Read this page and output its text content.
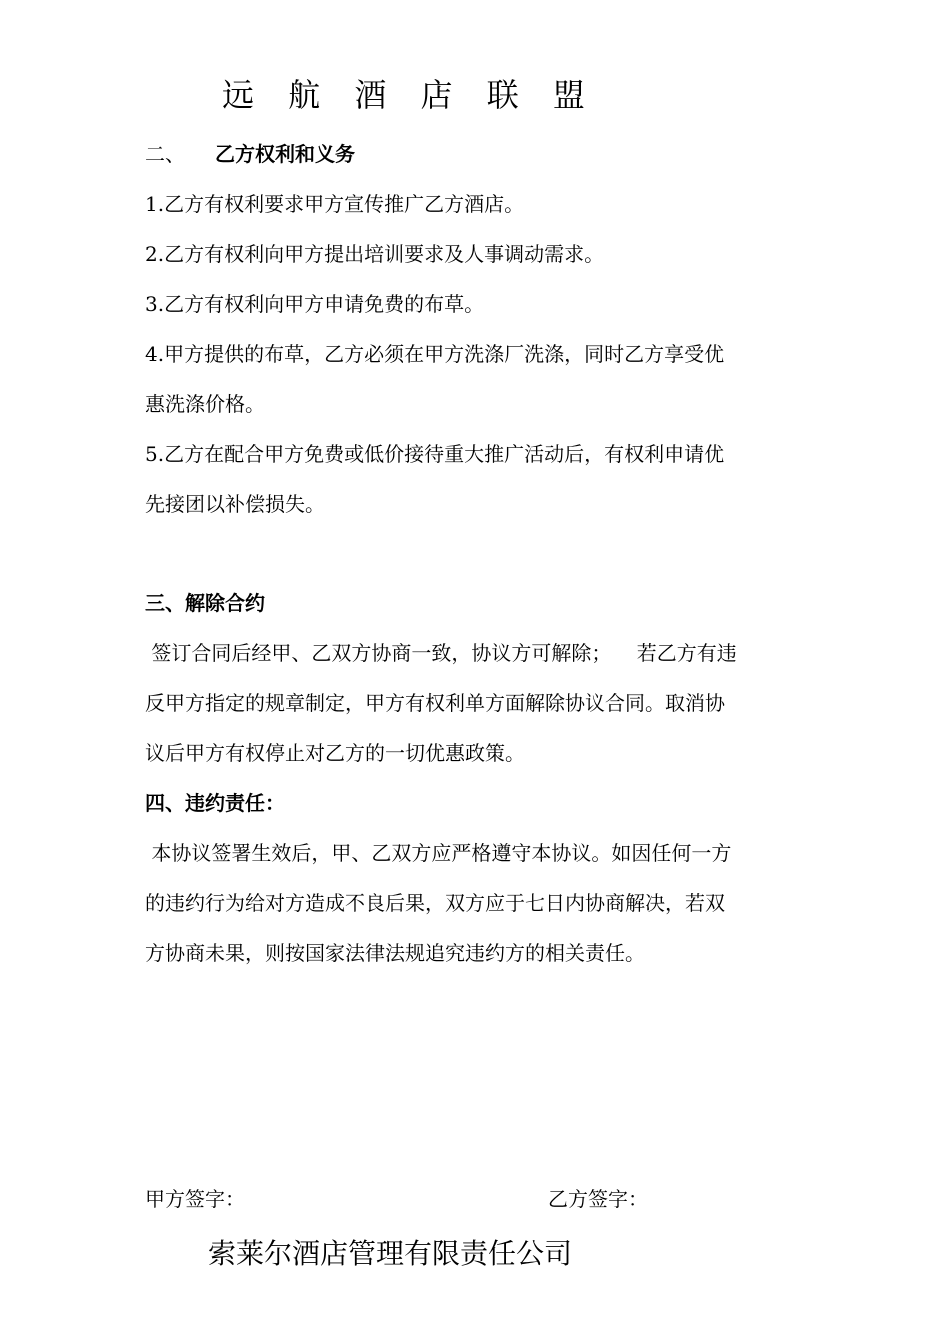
远 航 酒 店 联 盟
二、 乙方权利和义务
1.乙方有权利要求甲方宣传推广乙方酒店。
2.乙方有权利向甲方提出培训要求及人事调动需求。
3.乙方有权利向甲方申请免费的布草。
4.甲方提供的布草，乙方必须在甲方洗涤厂洗涤，同时乙方享受优
惠洗涤价格。
5.乙方在配合甲方免费或低价接待重大推广活动后，有权利申请优
先接团以补偿损失。
三、解除合约
签订合同后经甲、乙双方协商一致，协议方可解除；    若乙方有违
反甲方指定的规章制定，甲方有权利单方面解除协议合同。取消协
议后甲方有权停止对乙方的一切优惠政策。
四、违约责任：
本协议签署生效后，甲、乙双方应严格遵守本协议。如因任何一方
的违约行为给对方造成不良后果，双方应于七日内协商解决，若双
方协商未果，则按国家法律法规追究违约方的相关责任。
甲方签字：	乙方签字：
索莱尔酒店管理有限责任公司
